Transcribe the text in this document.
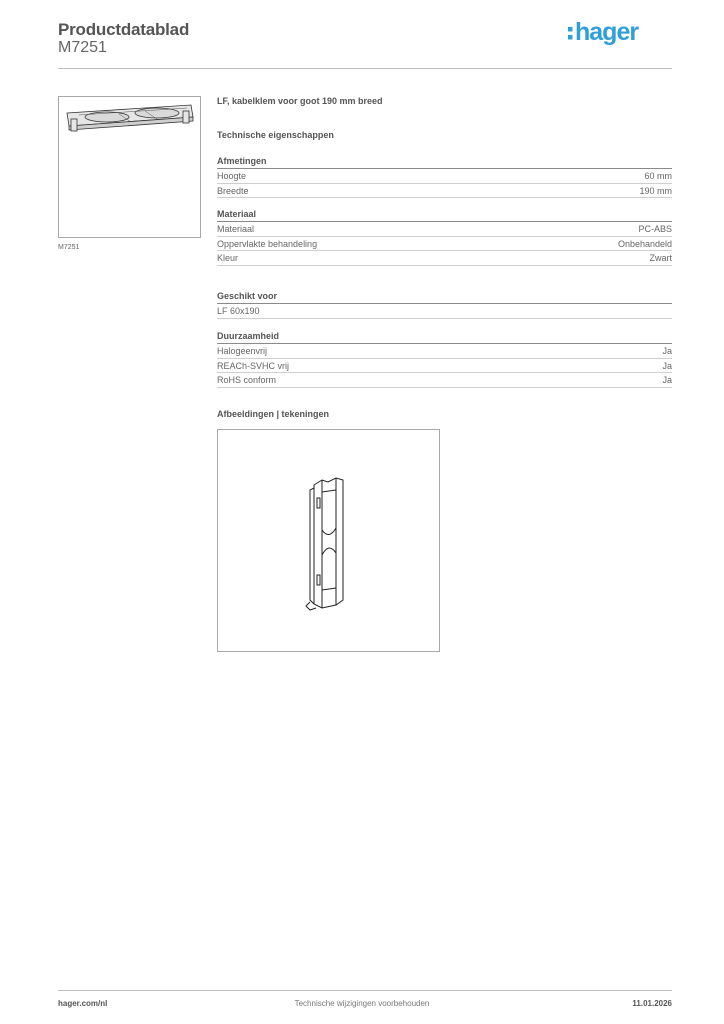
Productdatablad
M7251
hager
M7251
LF, kabelklem voor goot 190 mm breed
Technische eigenschappen
Afmetingen
Hoogte	60 mm
Breedte	190 mm
Materiaal
Materiaal	PC-ABS
Oppervlakte behandeling	Onbehandeld
Kleur	Zwart
Geschikt voor
LF 60x190
Duurzaamheid
Halogeenvrij	Ja
REACh-SVHC vrij	Ja
RoHS conform	Ja
Afbeeldingen | tekeningen
hager.com/nl	Technische wijzigingen voorbehouden	11.01.2026
